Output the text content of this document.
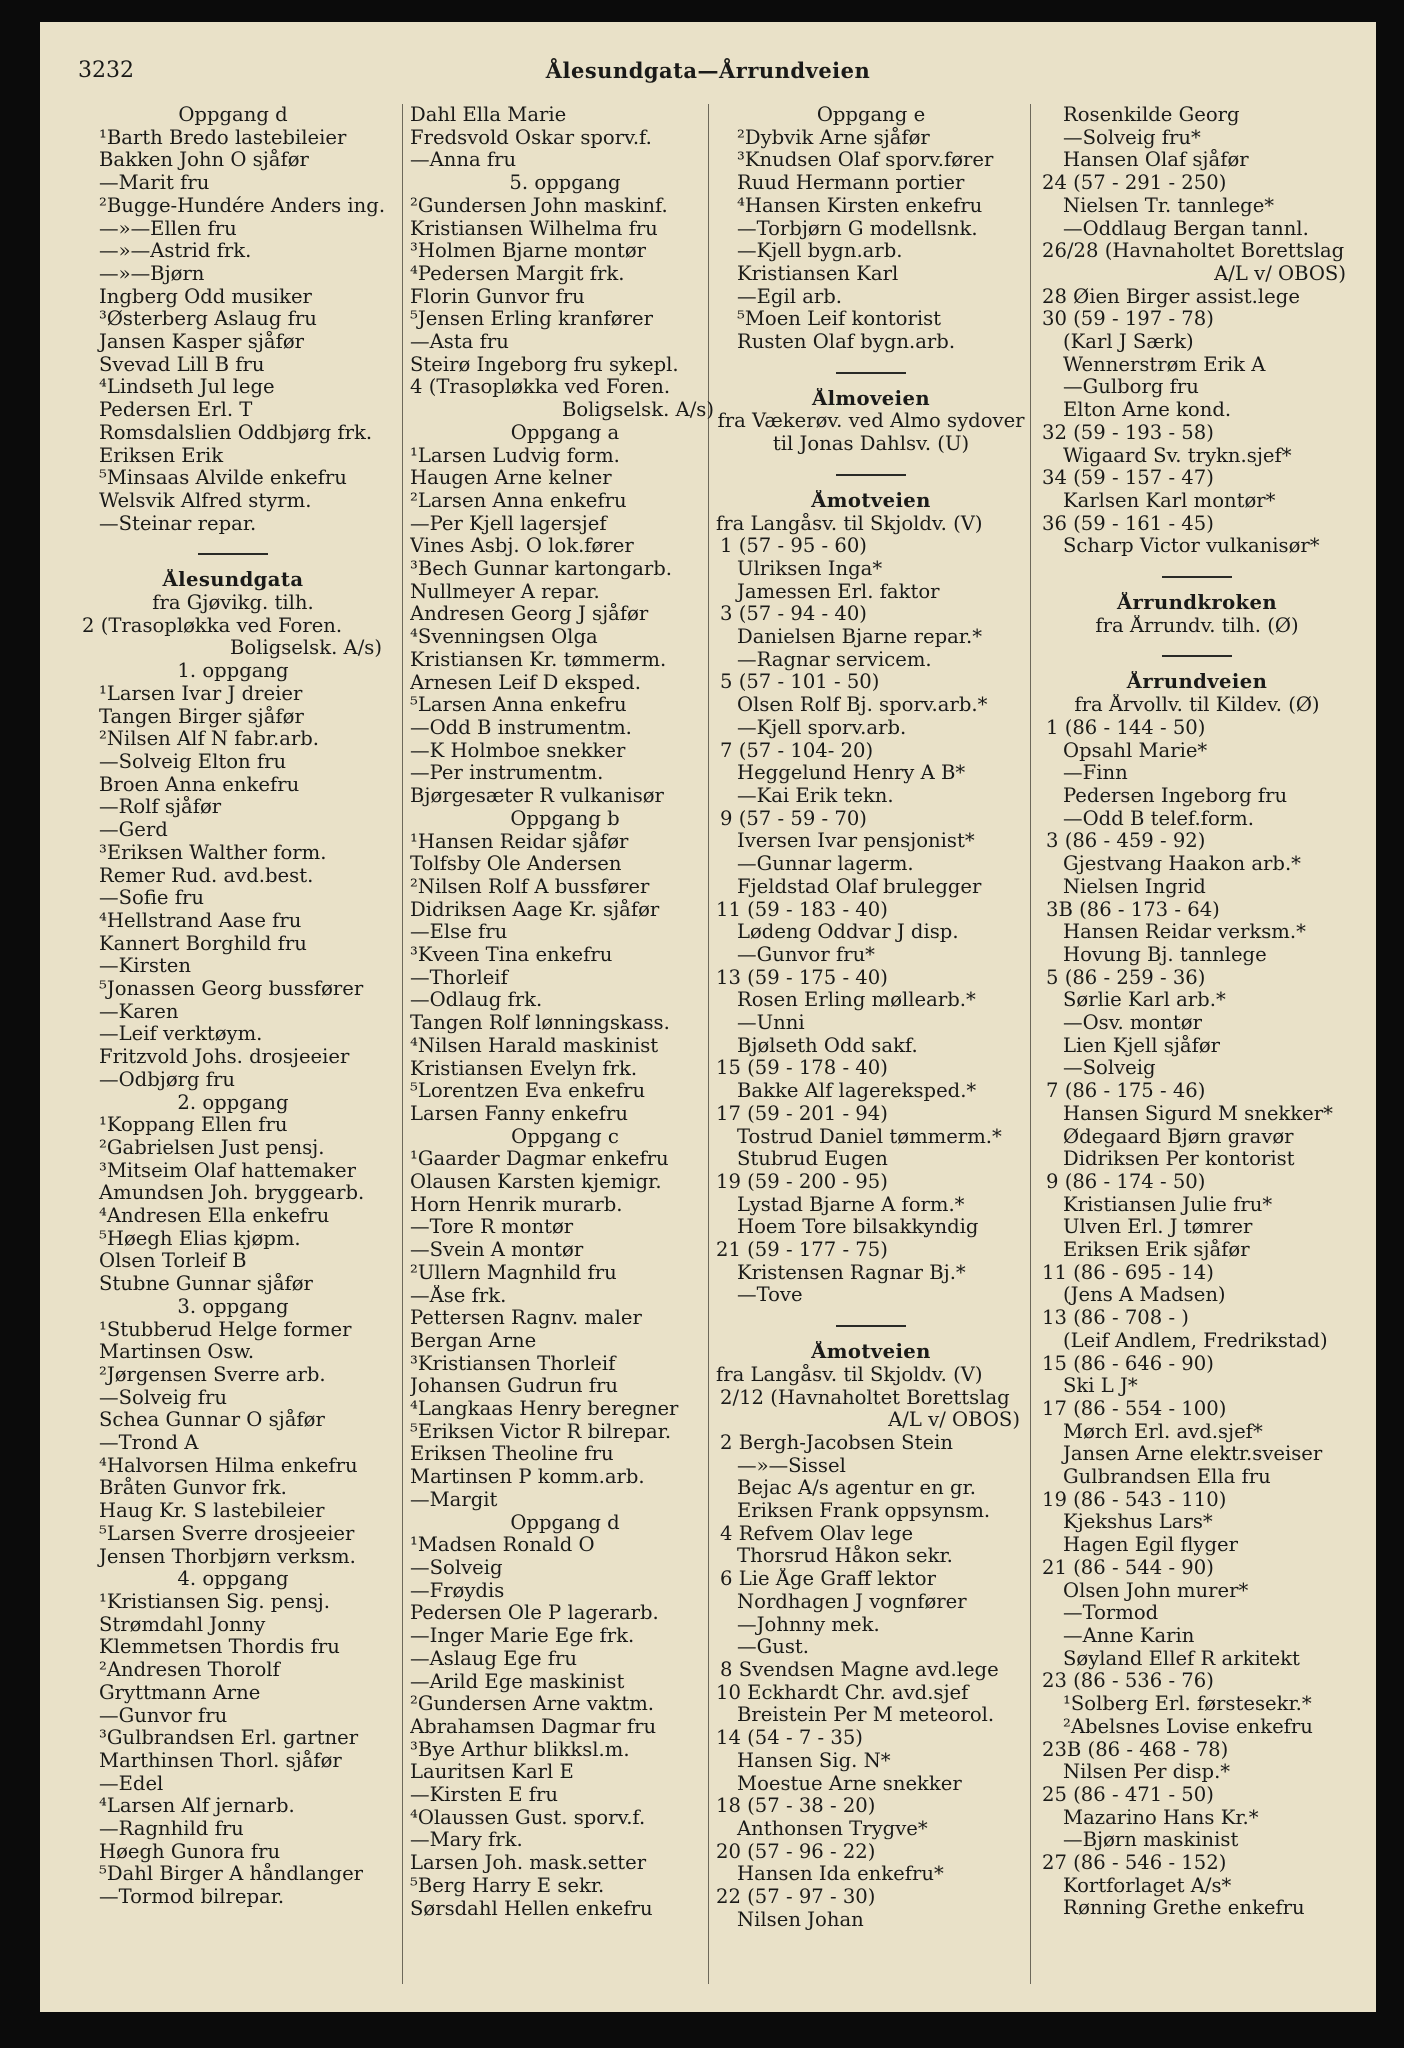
3232	Ålesundgata—Årrundveien
Oppgang d
¹Barth Bredo lastebileier
Bakken John O sjåfør
—Marit fru
²Bugge-Hundére Anders ing.
—»—Ellen fru
—»—Astrid frk.
—»—Bjørn
Ingberg Odd musiker
³Østerberg Aslaug fru
Jansen Kasper sjåfør
Svevad Lill B fru
⁴Lindseth Jul lege
Pedersen Erl. T
Romsdalslien Oddbjørg frk.
Eriksen Erik
⁵Minsaas Alvilde enkefru
Welsvik Alfred styrm.
—Steinar repar.
Ålesundgata
fra Gjøvikg. tilh.
2 (Trasopløkka ved Foren.
Boligselsk. A/s)
1. oppgang
¹Larsen Ivar J dreier
Tangen Birger sjåfør
²Nilsen Alf N fabr.arb.
—Solveig Elton fru
Broen Anna enkefru
—Rolf sjåfør
—Gerd
³Eriksen Walther form.
Remer Rud. avd.best.
—Sofie fru
⁴Hellstrand Aase fru
Kannert Borghild fru
—Kirsten
⁵Jonassen Georg bussfører
—Karen
—Leif verktøym.
Fritzvold Johs. drosjeeier
—Odbjørg fru
2. oppgang
¹Koppang Ellen fru
²Gabrielsen Just pensj.
³Mitseim Olaf hattemaker
Amundsen Joh. bryggearb.
⁴Andresen Ella enkefru
⁵Høegh Elias kjøpm.
Olsen Torleif B
Stubne Gunnar sjåfør
3. oppgang
¹Stubberud Helge former
Martinsen Osw.
²Jørgensen Sverre arb.
—Solveig fru
Schea Gunnar O sjåfør
—Trond A
⁴Halvorsen Hilma enkefru
Bråten Gunvor frk.
Haug Kr. S lastebileier
⁵Larsen Sverre drosjeeier
Jensen Thorbjørn verksm.
4. oppgang
¹Kristiansen Sig. pensj.
Strømdahl Jonny
Klemmetsen Thordis fru
²Andresen Thorolf
Gryttmann Arne
—Gunvor fru
³Gulbrandsen Erl. gartner
Marthinsen Thorl. sjåfør
—Edel
⁴Larsen Alf jernarb.
—Ragnhild fru
Høegh Gunora fru
⁵Dahl Birger A håndlanger
—Tormod bilrepar.
Dahl Ella Marie
Fredsvold Oskar sporv.f.
—Anna fru
5. oppgang
²Gundersen John maskinf.
Kristiansen Wilhelma fru
³Holmen Bjarne montør
⁴Pedersen Margit frk.
Florin Gunvor fru
⁵Jensen Erling kranfører
—Asta fru
Steirø Ingeborg fru sykepl.
4 (Trasopløkka ved Foren.
Boligselsk. A/s)
Oppgang a
¹Larsen Ludvig form.
Haugen Arne kelner
²Larsen Anna enkefru
—Per Kjell lagersjef
Vines Asbj. O lok.fører
³Bech Gunnar kartongarb.
Nullmeyer A repar.
Andresen Georg J sjåfør
⁴Svenningsen Olga
Kristiansen Kr. tømmerm.
Arnesen Leif D eksped.
⁵Larsen Anna enkefru
—Odd B instrumentm.
—K Holmboe snekker
—Per instrumentm.
Bjørgesæter R vulkanisør
Oppgang b
¹Hansen Reidar sjåfør
Tolfsby Ole Andersen
²Nilsen Rolf A bussfører
Didriksen Aage Kr. sjåfør
—Else fru
³Kveen Tina enkefru
—Thorleif
—Odlaug frk.
Tangen Rolf lønningskass.
⁴Nilsen Harald maskinist
Kristiansen Evelyn frk.
⁵Lorentzen Eva enkefru
Larsen Fanny enkefru
Oppgang c
¹Gaarder Dagmar enkefru
Olausen Karsten kjemigr.
Horn Henrik murarb.
—Tore R montør
—Svein A montør
²Ullern Magnhild fru
—Åse frk.
Pettersen Ragnv. maler
Bergan Arne
³Kristiansen Thorleif
Johansen Gudrun fru
⁴Langkaas Henry beregner
⁵Eriksen Victor R bilrepar.
Eriksen Theoline fru
Martinsen P komm.arb.
—Margit
Oppgang d
¹Madsen Ronald O
—Solveig
—Frøydis
Pedersen Ole P lagerarb.
—Inger Marie Ege frk.
—Aslaug Ege fru
—Arild Ege maskinist
²Gundersen Arne vaktm.
Abrahamsen Dagmar fru
³Bye Arthur blikksl.m.
Lauritsen Karl E
—Kirsten E fru
⁴Olaussen Gust. sporv.f.
—Mary frk.
Larsen Joh. mask.setter
⁵Berg Harry E sekr.
Sørsdahl Hellen enkefru
Oppgang e
²Dybvik Arne sjåfør
³Knudsen Olaf sporv.fører
Ruud Hermann portier
⁴Hansen Kirsten enkefru
—Torbjørn G modellsnk.
—Kjell bygn.arb.
Kristiansen Karl
—Egil arb.
⁵Moen Leif kontorist
Rusten Olaf bygn.arb.
Ålmoveien
fra Vækerøv. ved Almo sydover
til Jonas Dahlsv. (U)
Åmotveien
fra Langåsv. til Skjoldv. (V)
1 (57 - 95 - 60)
Ulriksen Inga*
Jamessen Erl. faktor
3 (57 - 94 - 40)
Danielsen Bjarne repar.*
—Ragnar servicem.
5 (57 - 101 - 50)
Olsen Rolf Bj. sporv.arb.*
—Kjell sporv.arb.
7 (57 - 104- 20)
Heggelund Henry A B*
—Kai Erik tekn.
9 (57 - 59 - 70)
Iversen Ivar pensjonist*
—Gunnar lagerm.
Fjeldstad Olaf brulegger
11 (59 - 183 - 40)
Lødeng Oddvar J disp.
—Gunvor fru*
13 (59 - 175 - 40)
Rosen Erling møllearb.*
—Unni
Bjølseth Odd sakf.
15 (59 - 178 - 40)
Bakke Alf lagereksped.*
17 (59 - 201 - 94)
Tostrud Daniel tømmerm.*
Stubrud Eugen
19 (59 - 200 - 95)
Lystad Bjarne A form.*
Hoem Tore bilsakkyndig
21 (59 - 177 - 75)
Kristensen Ragnar Bj.*
—Tove
Åmotveien
fra Langåsv. til Skjoldv. (V)
2/12 (Havnaholtet Borettslag
A/L v/ OBOS)
2 Bergh-Jacobsen Stein
—»—Sissel
Bejac A/s agentur en gr.
Eriksen Frank oppsynsm.
4 Refvem Olav lege
Thorsrud Håkon sekr.
6 Lie Åge Graff lektor
Nordhagen J vognfører
—Johnny mek.
—Gust.
8 Svendsen Magne avd.lege
10 Eckhardt Chr. avd.sjef
Breistein Per M meteorol.
14 (54 - 7 - 35)
Hansen Sig. N*
Moestue Arne snekker
18 (57 - 38 - 20)
Anthonsen Trygve*
20 (57 - 96 - 22)
Hansen Ida enkefru*
22 (57 - 97 - 30)
Nilsen Johan
Rosenkilde Georg
—Solveig fru*
Hansen Olaf sjåfør
24 (57 - 291 - 250)
Nielsen Tr. tannlege*
—Oddlaug Bergan tannl.
26/28 (Havnaholtet Borettslag
A/L v/ OBOS)
28 Øien Birger assist.lege
30 (59 - 197 - 78)
(Karl J Særk)
Wennerstrøm Erik A
—Gulborg fru
Elton Arne kond.
32 (59 - 193 - 58)
Wigaard Sv. trykn.sjef*
34 (59 - 157 - 47)
Karlsen Karl montør*
36 (59 - 161 - 45)
Scharp Victor vulkanisør*
Årrundkroken
fra Årrundv. tilh. (Ø)
Årrundveien
fra Årvollv. til Kildev. (Ø)
1 (86 - 144 - 50)
Opsahl Marie*
—Finn
Pedersen Ingeborg fru
—Odd B telef.form.
3 (86 - 459 - 92)
Gjestvang Haakon arb.*
Nielsen Ingrid
3B (86 - 173 - 64)
Hansen Reidar verksm.*
Hovung Bj. tannlege
5 (86 - 259 - 36)
Sørlie Karl arb.*
—Osv. montør
Lien Kjell sjåfør
—Solveig
7 (86 - 175 - 46)
Hansen Sigurd M snekker*
Ødegaard Bjørn gravør
Didriksen Per kontorist
9 (86 - 174 - 50)
Kristiansen Julie fru*
Ulven Erl. J tømrer
Eriksen Erik sjåfør
11 (86 - 695 - 14)
(Jens A Madsen)
13 (86 - 708 - )
(Leif Andlem, Fredrikstad)
15 (86 - 646 - 90)
Ski L J*
17 (86 - 554 - 100)
Mørch Erl. avd.sjef*
Jansen Arne elektr.sveiser
Gulbrandsen Ella fru
19 (86 - 543 - 110)
Kjekshus Lars*
Hagen Egil flyger
21 (86 - 544 - 90)
Olsen John murer*
—Tormod
—Anne Karin
Søyland Ellef R arkitekt
23 (86 - 536 - 76)
¹Solberg Erl. førstesekr.*
²Abelsnes Lovise enkefru
23B (86 - 468 - 78)
Nilsen Per disp.*
25 (86 - 471 - 50)
Mazarino Hans Kr.*
—Bjørn maskinist
27 (86 - 546 - 152)
Kortforlaget A/s*
Rønning Grethe enkefru
